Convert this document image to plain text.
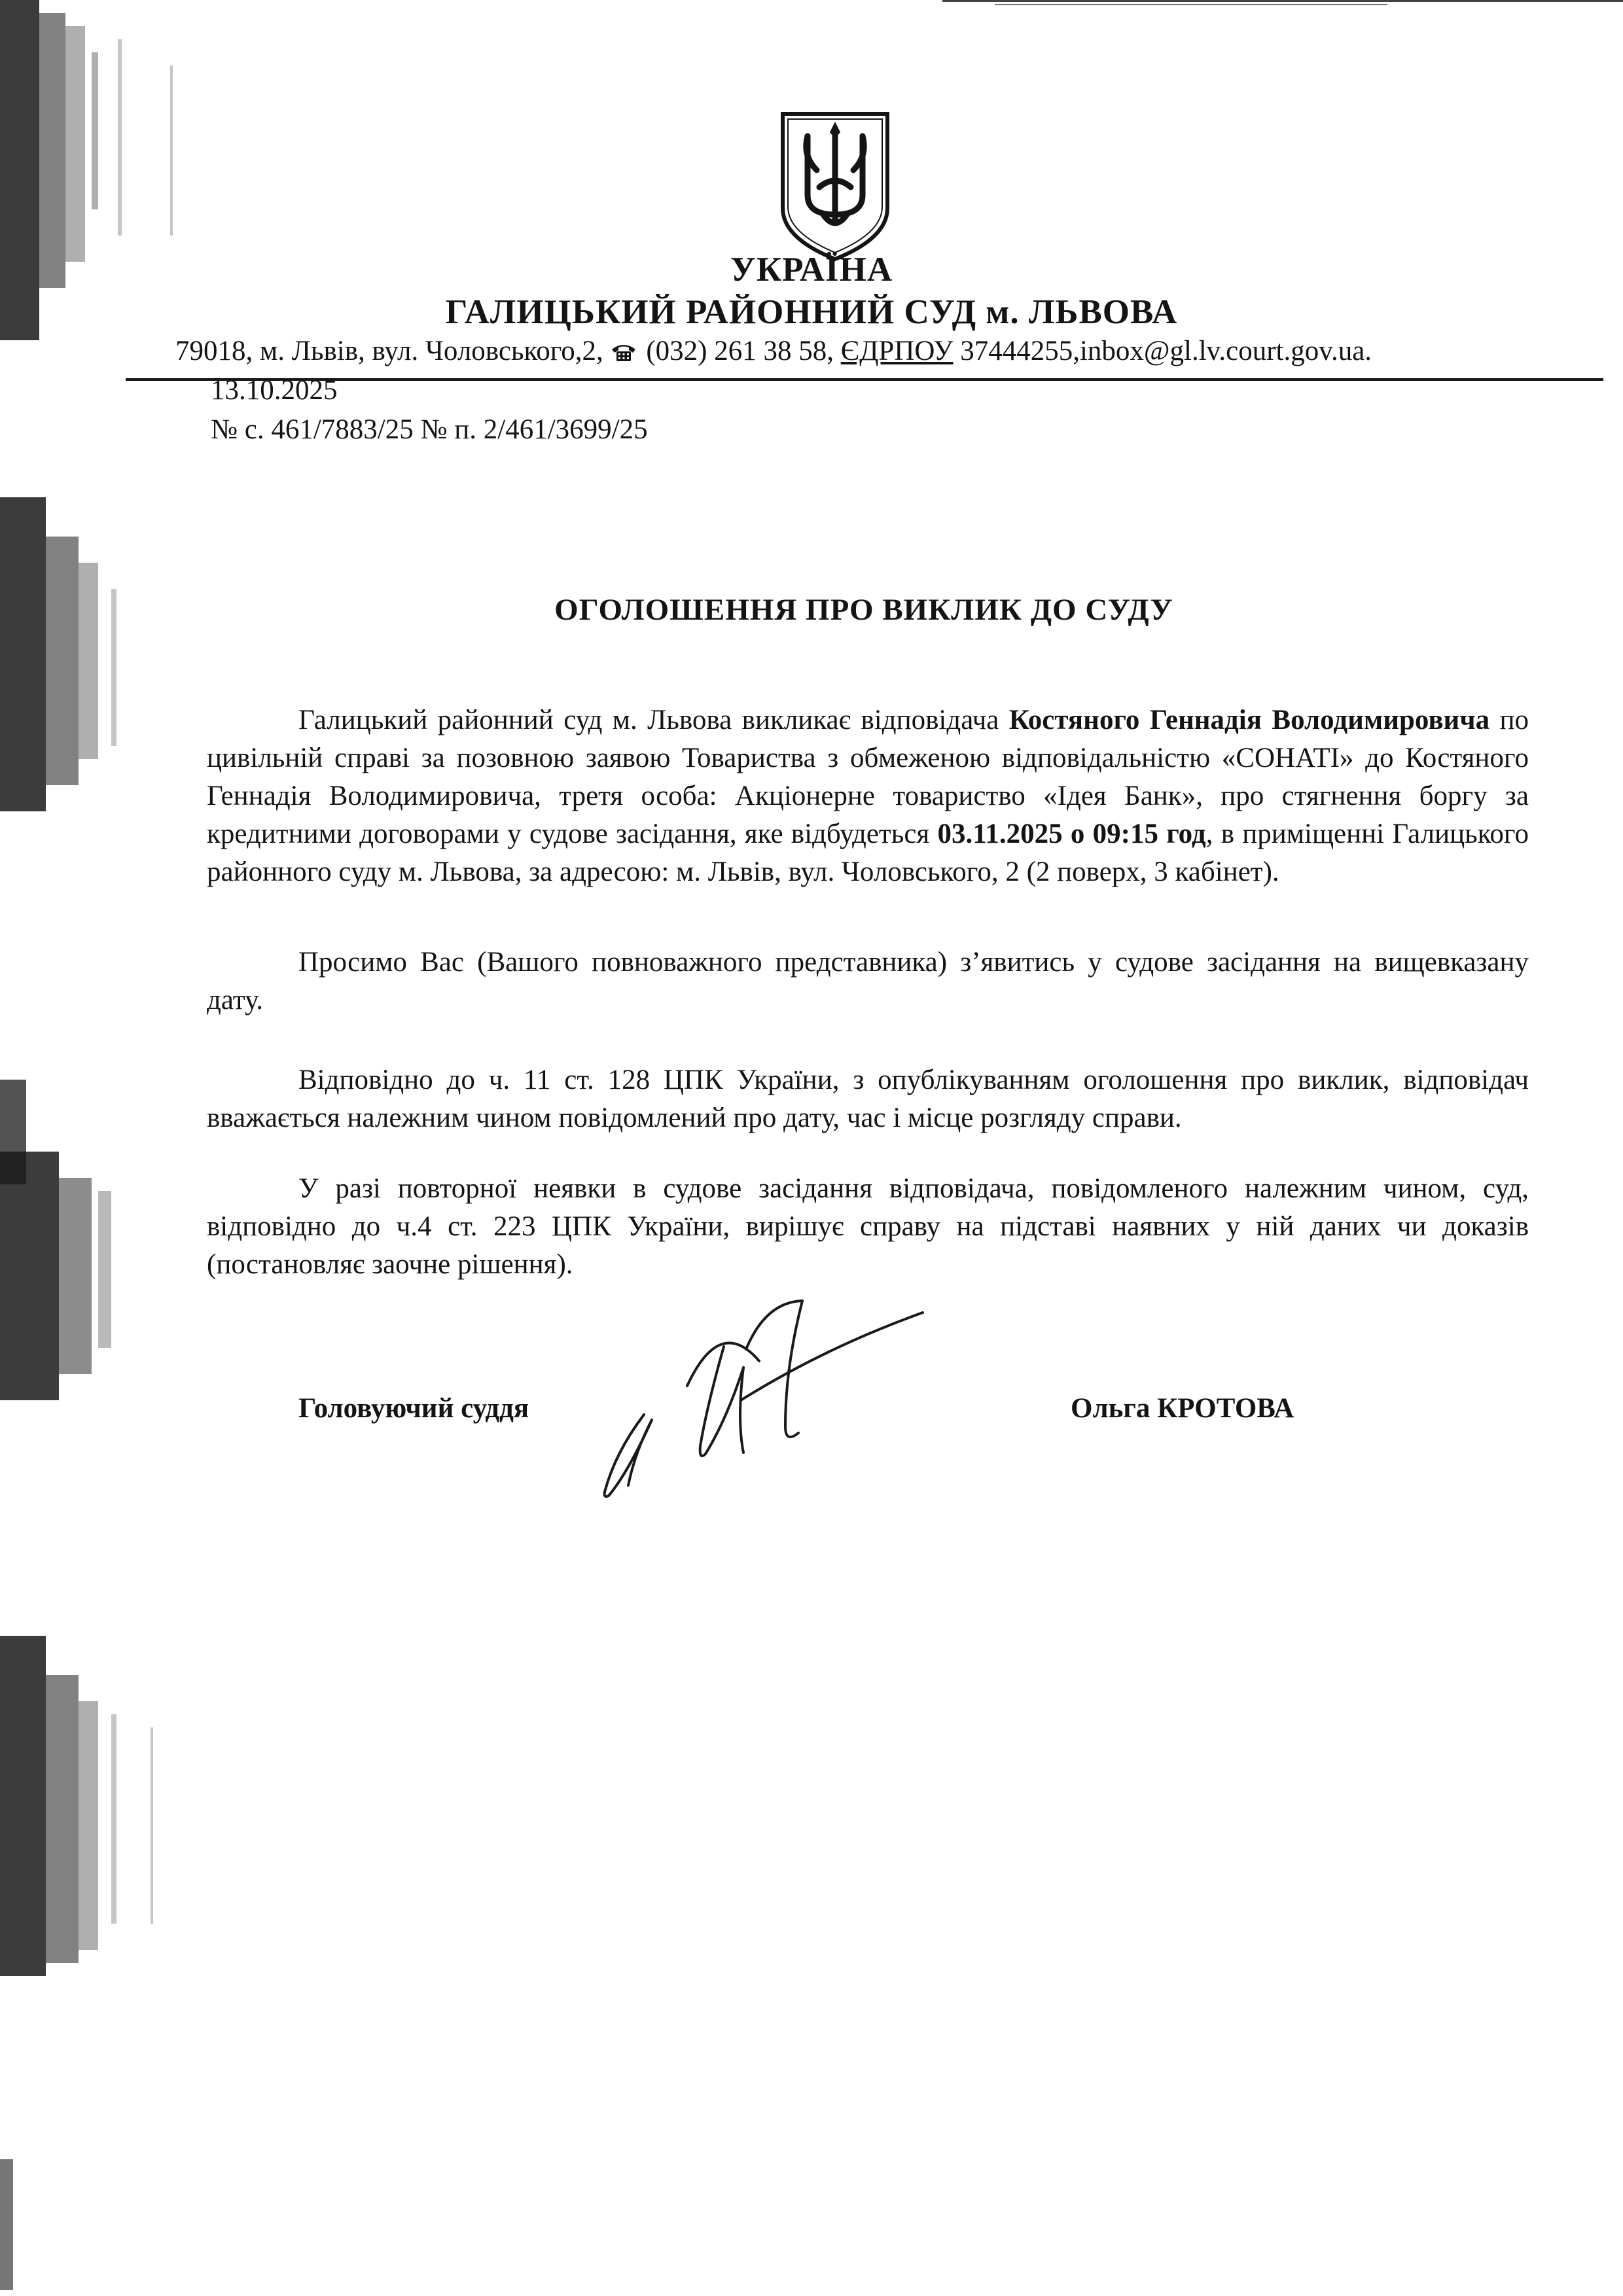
УКРАЇНА
ГАЛИЦЬКИЙ РАЙОННИЙ СУД м. ЛЬВОВА
79018, м. Львів, вул. Чоловського,2, (032) 261 38 58, ЄДРПОУ 37444255,inbox@gl.lv.court.gov.ua.
13.10.2025
№ с. 461/7883/25 № п. 2/461/3699/25
ОГОЛОШЕННЯ ПРО ВИКЛИК ДО СУДУ

Галицький районний суд м. Львова викликає відповідача Костяного Геннадія Володимировича по цивільній справі за позовною заявою Товариства з обмеженою відповідальністю «СОНАТІ» до Костяного Геннадія Володимировича, третя особа: Акціонерне товариство «Ідея Банк», про стягнення боргу за кредитними договорами у судове засідання, яке відбудеться 03.11.2025 о 09:15 год, в приміщенні Галицького районного суду м. Львова, за адресою: м. Львів, вул. Чоловського, 2 (2 поверх, 3 кабінет).

Просимо Вас (Вашого повноважного представника) з’явитись у судове засідання на вищевказану дату.

Відповідно до ч. 11 ст. 128 ЦПК України, з опублікуванням оголошення про виклик, відповідач вважається належним чином повідомлений про дату, час і місце розгляду справи.

У разі повторної неявки в судове засідання відповідача, повідомленого належним чином, суд, відповідно до ч.4 ст. 223 ЦПК України, вирішує справу на підставі наявних у ній даних чи доказів (постановляє заочне рішення).

Головуючий суддя	Ольга КРОТОВА
